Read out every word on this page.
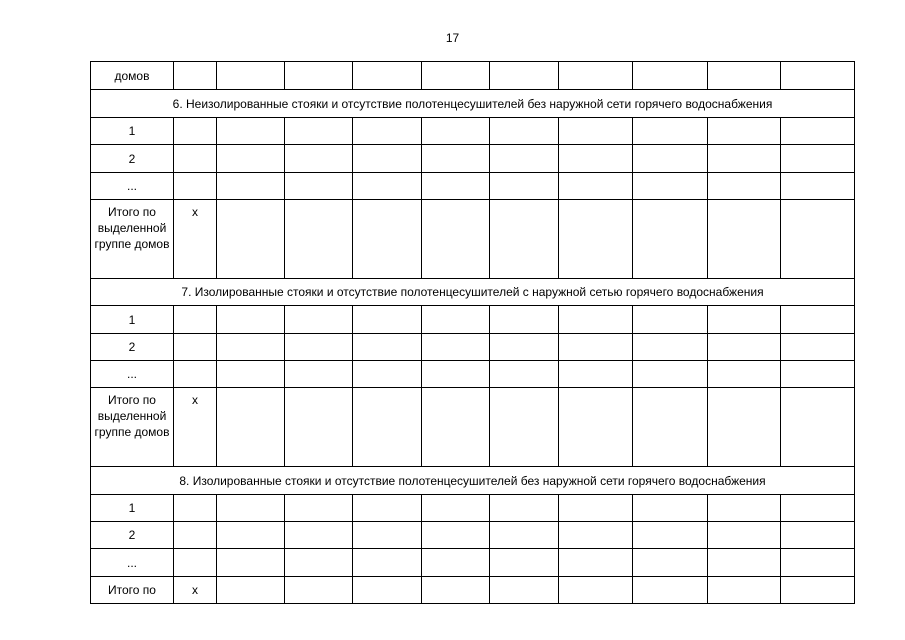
17
домов										
6. Неизолированные стояки и отсутствие полотенцесушителей без наружной сети горячего водоснабжения										
1										
2										
...										
Итого по выделенной группе домов	х									
7. Изолированные стояки и отсутствие полотенцесушителей с наружной сетью горячего водоснабжения										
1										
2										
...										
Итого по выделенной группе домов	х									
8. Изолированные стояки и отсутствие полотенцесушителей без наружной сети горячего водоснабжения										
1										
2										
...										
Итого по	х									
